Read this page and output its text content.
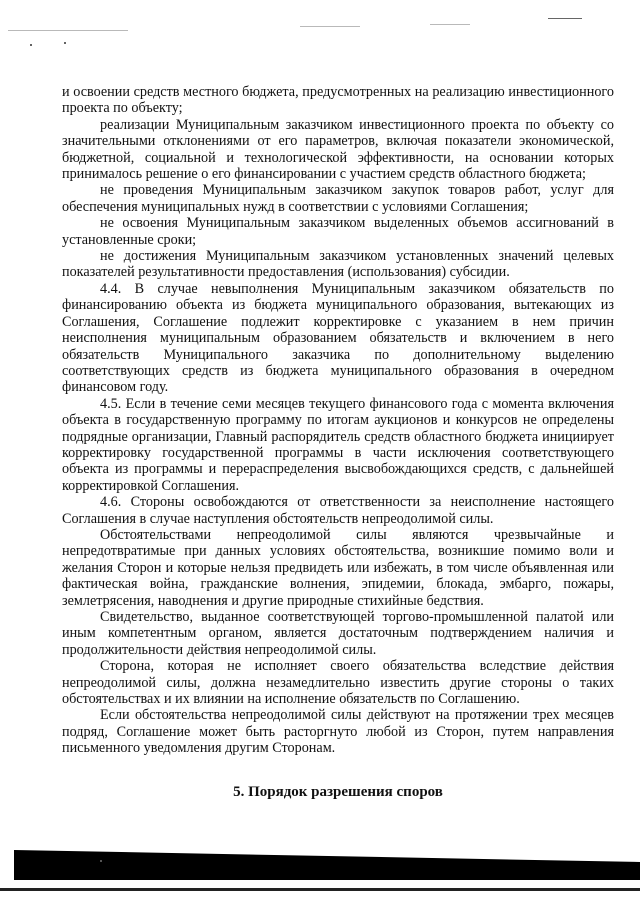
и освоении средств местного бюджета, предусмотренных на реализацию инвестиционного проекта по объекту;

реализации Муниципальным заказчиком инвестиционного проекта по объекту со значительными отклонениями от его параметров, включая показатели экономической, бюджетной, социальной и технологической эффективности, на основании которых принималось решение о его финансировании с участием средств областного бюджета;

не проведения Муниципальным заказчиком закупок товаров работ, услуг для обеспечения муниципальных нужд в соответствии с условиями Соглашения;

не освоения Муниципальным заказчиком выделенных объемов ассигнований в установленные сроки;

не достижения Муниципальным заказчиком установленных значений целевых показателей результативности предоставления (использования) субсидии.

4.4. В случае невыполнения Муниципальным заказчиком обязательств по финансированию объекта из бюджета муниципального образования, вытекающих из Соглашения, Соглашение подлежит корректировке с указанием в нем причин неисполнения муниципальным образованием обязательств и включением в него обязательств Муниципального заказчика по дополнительному выделению соответствующих средств из бюджета муниципального образования в очередном финансовом году.

4.5. Если в течение семи месяцев текущего финансового года с момента включения объекта в государственную программу по итогам аукционов и конкурсов не определены подрядные организации, Главный распорядитель средств областного бюджета инициирует корректировку государственной программы в части исключения соответствующего объекта из программы и перераспределения высвобождающихся средств, с дальнейшей корректировкой Соглашения.

4.6. Стороны освобождаются от ответственности за неисполнение настоящего Соглашения в случае наступления обстоятельств непреодолимой силы.

Обстоятельствами непреодолимой силы являются чрезвычайные и непредотвратимые при данных условиях обстоятельства, возникшие помимо воли и желания Сторон и которые нельзя предвидеть или избежать, в том числе объявленная или фактическая война, гражданские волнения, эпидемии, блокада, эмбарго, пожары, землетрясения, наводнения и другие природные стихийные бедствия.

Свидетельство, выданное соответствующей торгово-промышленной палатой или иным компетентным органом, является достаточным подтверждением наличия и продолжительности действия непреодолимой силы.

Сторона, которая не исполняет своего обязательства вследствие действия непреодолимой силы, должна незамедлительно известить другие стороны о таких обстоятельствах и их влиянии на исполнение обязательств по Соглашению.

Если обстоятельства непреодолимой силы действуют на протяжении трех месяцев подряд, Соглашение может быть расторгнуто любой из Сторон, путем направления письменного уведомления другим Сторонам.

5. Порядок разрешения споров
